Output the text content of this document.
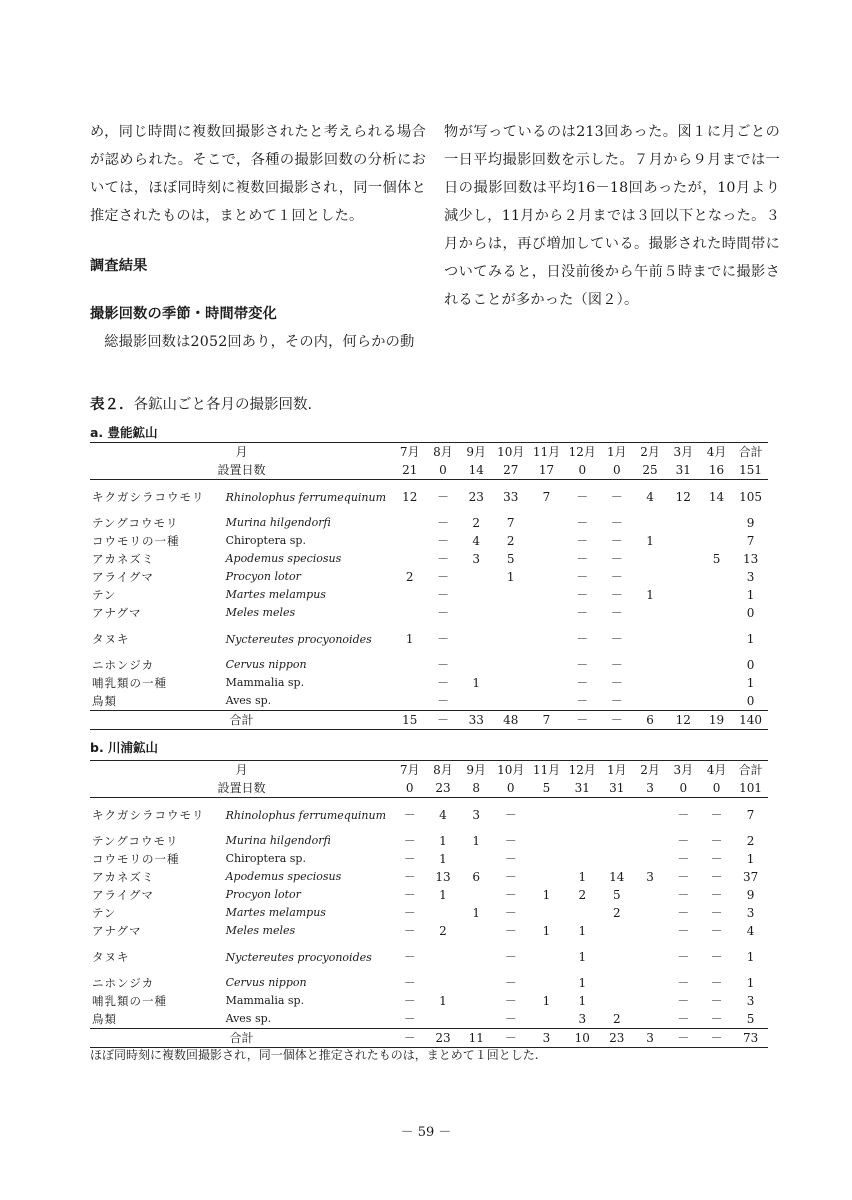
め，同じ時間に複数回撮影されたと考えられる場合が認められた。そこで，各種の撮影回数の分析においては，ほぼ同時刻に複数回撮影され，同一個体と推定されたものは，まとめて１回とした。

調査結果

撮影回数の季節・時間帯変化

総撮影回数は2052回あり，その内，何らかの動

物が写っているのは213回あった。図１に月ごとの一日平均撮影回数を示した。７月から９月までは一日の撮影回数は平均16－18回あったが，10月より減少し，11月から２月までは３回以下となった。３月からは，再び増加している。撮影された時間帯についてみると，日没前後から午前５時までに撮影されることが多かった（図２）。

表２．各鉱山ごと各月の撮影回数.
a. 豊能鉱山
月		7月	8月	9月	10月	11月	12月	1月	2月	3月	4月	合計
設置日数		21	0	14	27	17	0	0	25	31	16	151
キクガシラコウモリ	Rhinolophus ferrumequinum	12	－	23	33	7	－	－	4	12	14	105
テングコウモリ	Murina hilgendorfi		－	2	7		－	－				9
コウモリの一種	Chiroptera sp.		－	4	2		－	－	1			7
アカネズミ	Apodemus speciosus		－	3	5		－	－			5	13
アライグマ	Procyon lotor	2	－		1		－	－				3
テン	Martes melampus		－				－	－	1			1
アナグマ	Meles meles		－				－	－				0
タヌキ	Nyctereutes procyonoides	1	－				－	－				1
ニホンジカ	Cervus nippon		－				－	－				0
哺乳類の一種	Mammalia sp.		－	1			－	－				1
鳥類	Aves sp.		－				－	－				0
合計		15	－	33	48	7	－	－	6	12	19	140
b. 川浦鉱山
月		7月	8月	9月	10月	11月	12月	1月	2月	3月	4月	合計
設置日数		0	23	8	0	5	31	31	3	0	0	101
キクガシラコウモリ	Rhinolophus ferrumequinum	－	4	3	－					－	－	7
テングコウモリ	Murina hilgendorfi	－	1	1	－					－	－	2
コウモリの一種	Chiroptera sp.	－	1		－					－	－	1
アカネズミ	Apodemus speciosus	－	13	6	－		1	14	3	－	－	37
アライグマ	Procyon lotor	－	1		－	1	2	5		－	－	9
テン	Martes melampus	－		1	－			2		－	－	3
アナグマ	Meles meles	－	2		－	1	1			－	－	4
タヌキ	Nyctereutes procyonoides	－			－		1			－	－	1
ニホンジカ	Cervus nippon	－			－		1			－	－	1
哺乳類の一種	Mammalia sp.	－	1		－	1	1			－	－	3
鳥類	Aves sp.	－			－		3	2		－	－	5
合計		－	23	11	－	3	10	23	3	－	－	73
ほぼ同時刻に複数回撮影され，同一個体と推定されたものは，まとめて１回とした.
－ 59 －
